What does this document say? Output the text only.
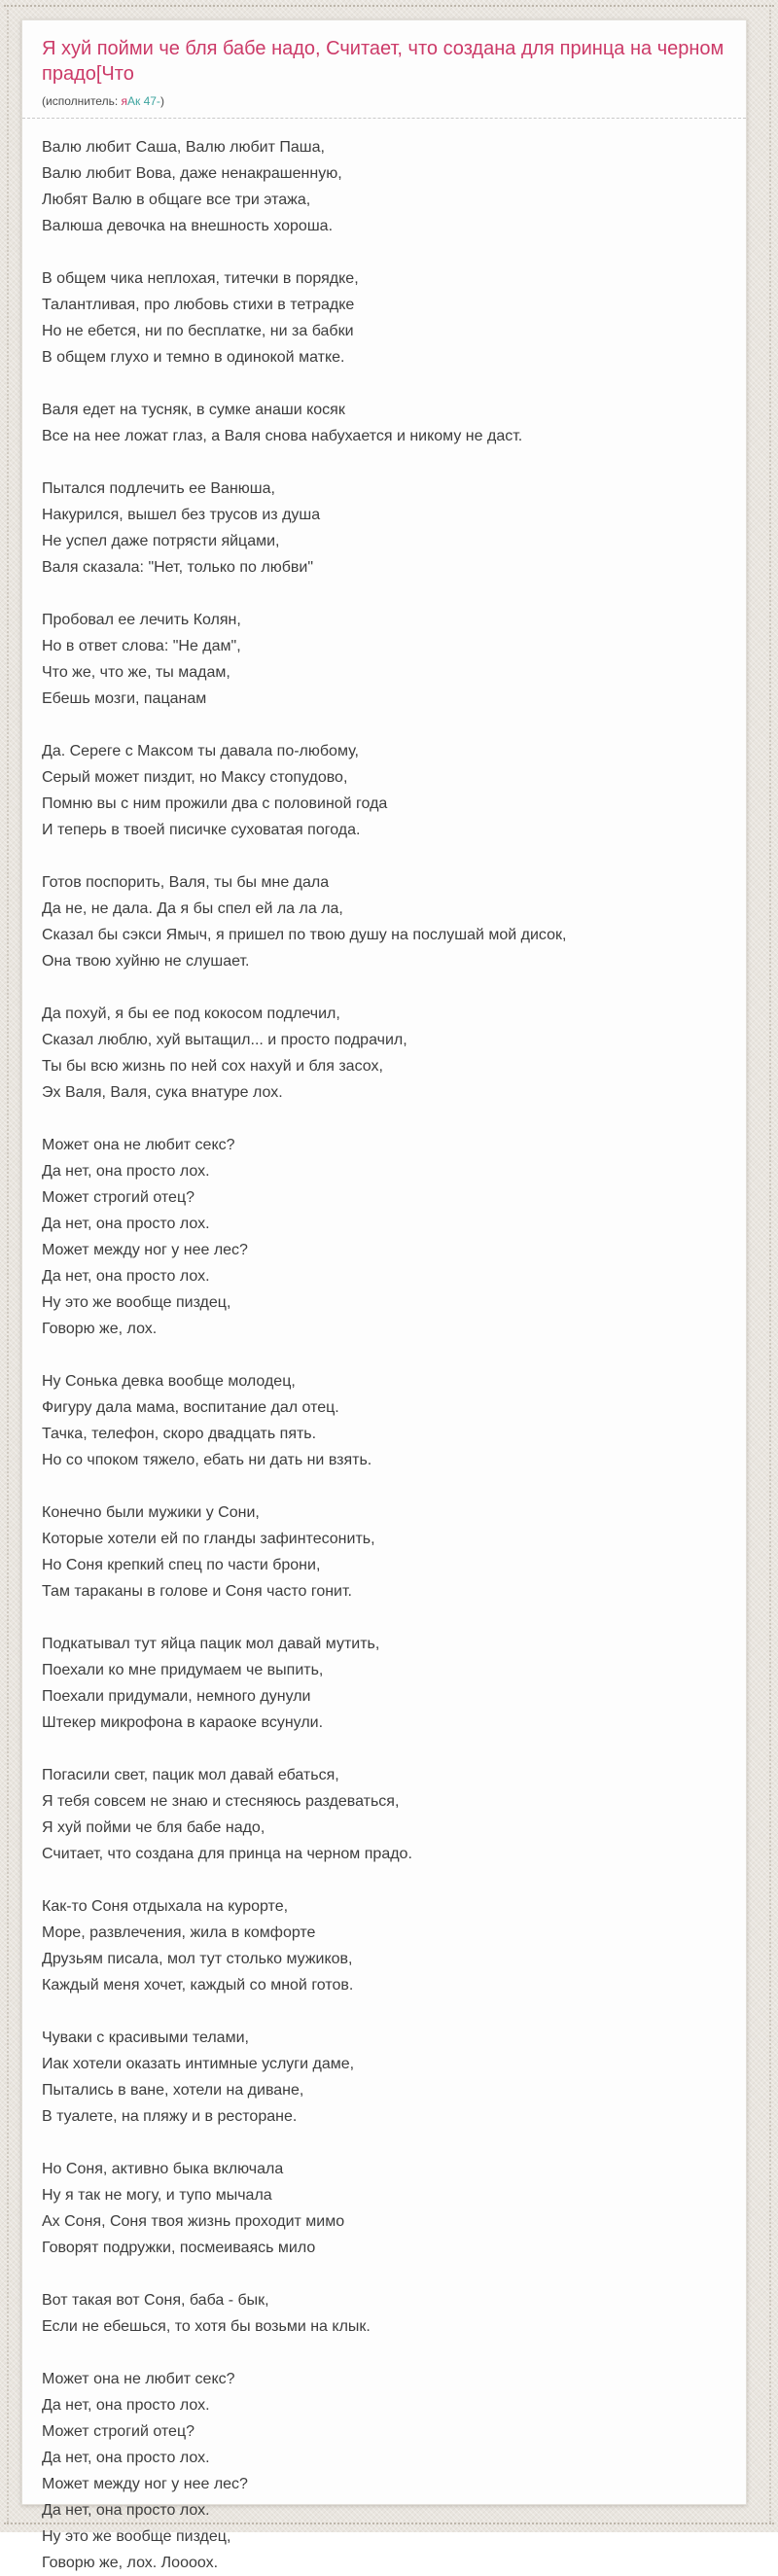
Я хуй пойми че бля бабе надо, Считает, что создана для принца на черном прадо[Что
(исполнитель: яАк 47-)

Валю любит Саша, Валю любит Паша,
Валю любит Вова, даже ненакрашенную,
Любят Валю в общаге все три этажа,
Валюша девочка на внешность хороша.

В общем чика неплохая, титечки в порядке,
Талантливая, про любовь стихи в тетрадке
Но не ебется, ни по бесплатке, ни за бабки
В общем глухо и темно в одинокой матке.

Валя едет на тусняк, в сумке анаши косяк
Все на нее ложат глаз, а Валя снова набухается и никому не даст.

Пытался подлечить ее Ванюша,
Накурился, вышел без трусов из душа
Не успел даже потрясти яйцами,
Валя сказала: "Нет, только по любви"

Пробовал ее лечить Колян,
Но в ответ слова: "Не дам",
Что же, что же, ты мадам,
Ебешь мозги, пацанам

Да. Сереге с Максом ты давала по-любому,
Серый может пиздит, но Максу стопудово,
Помню вы с ним прожили два с половиной года
И теперь в твоей писичке суховатая погода.

Готов поспорить, Валя, ты бы мне дала
Да не, не дала. Да я бы спел ей ла ла ла,
Сказал бы сэкси Ямыч, я пришел по твою душу на послушай мой дисок,
Она твою хуйню не слушает.

Да похуй, я бы ее под кокосом подлечил,
Сказал люблю, хуй вытащил... и просто подрачил,
Ты бы всю жизнь по ней сох нахуй и бля засох,
Эх Валя, Валя, сука внатуре лох.

Может она не любит секс?
Да нет, она просто лох.
Может строгий отец?
Да нет, она просто лох.
Может между ног у нее лес?
Да нет, она просто лох.
Ну это же вообще пиздец,
Говорю же, лох.

Ну Сонька девка вообще молодец,
Фигуру дала мама, воспитание дал отец.
Тачка, телефон, скоро двадцать пять.
Но со чпоком тяжело, ебать ни дать ни взять.

Конечно были мужики у Сони,
Которые хотели ей по гланды зафинтесонить,
Но Соня крепкий спец по части брони,
Там тараканы в голове и Соня часто гонит.

Подкатывал тут яйца пацик мол давай мутить,
Поехали ко мне придумаем че выпить,
Поехали придумали, немного дунули
Штекер микрофона в караоке всунули.

Погасили свет, пацик мол давай ебаться,
Я тебя совсем не знаю и стесняюсь раздеваться,
Я хуй пойми че бля бабе надо,
Считает, что создана для принца на черном прадо.

Как-то Соня отдыхала на курорте,
Море, развлечения, жила в комфорте
Друзьям писала, мол тут столько мужиков,
Каждый меня хочет, каждый со мной готов.

Чуваки с красивыми телами,
Иак хотели оказать интимные услуги даме,
Пытались в ване, хотели на диване,
В туалете, на пляжу и в ресторане.

Но Соня, активно быка включала
Ну я так не могу, и тупо мычала
Ах Соня, Соня твоя жизнь проходит мимо
Говорят подружки, посмеиваясь мило

Вот такая вот Соня, баба - бык,
Если не ебешься, то хотя бы возьми на клык.

Может она не любит секс?
Да нет, она просто лох.
Может строгий отец?
Да нет, она просто лох.
Может между ног у нее лес?
Да нет, она просто лох.
Ну это же вообще пиздец,
Говорю же, лох. Лоооох.
